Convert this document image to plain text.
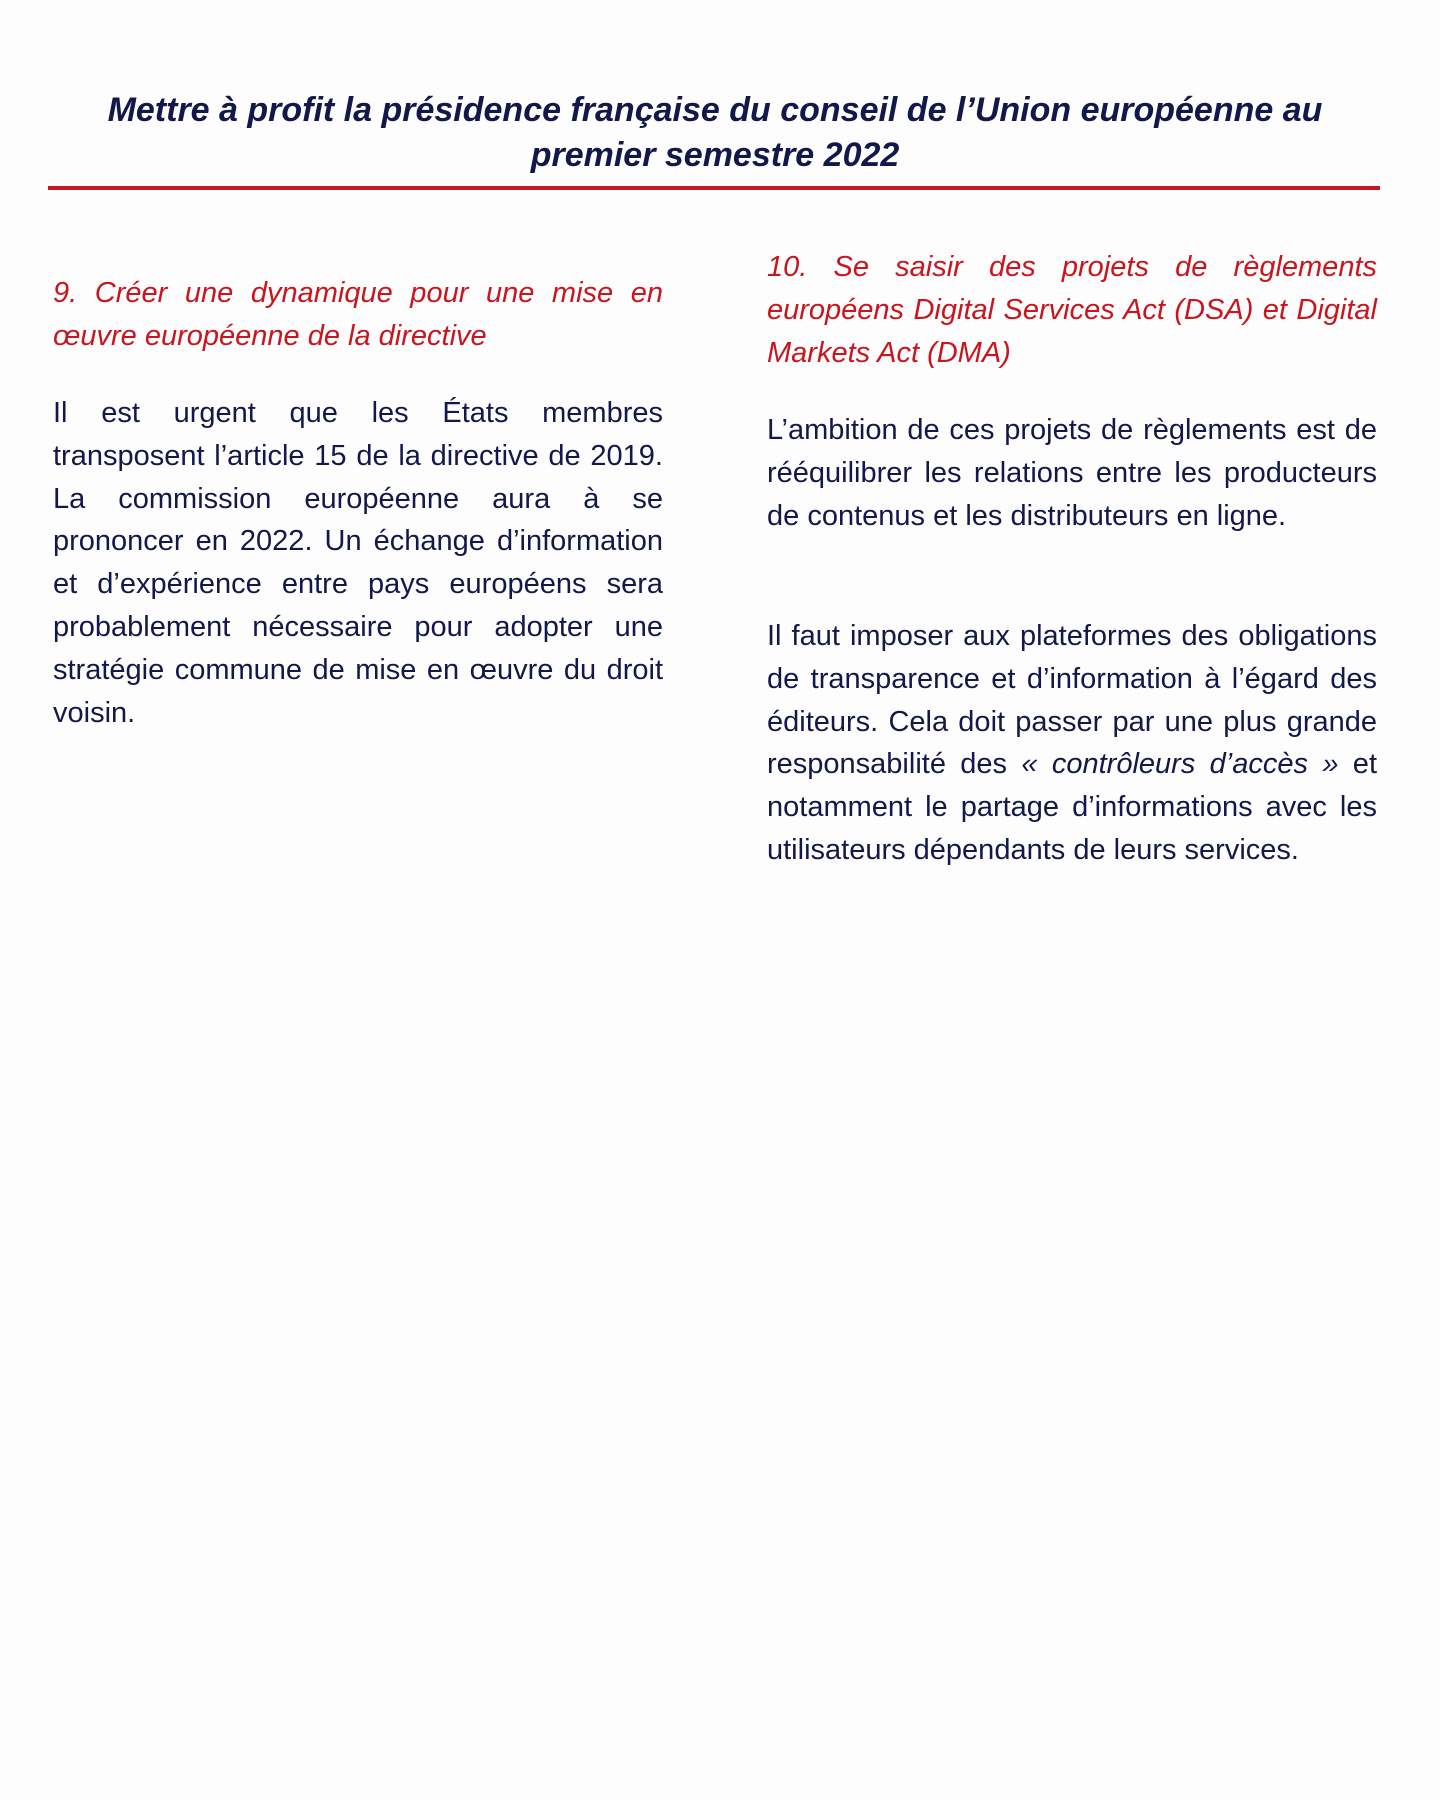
Mettre à profit la présidence française du conseil de l’Union européenne au
premier semestre 2022

9. Créer une dynamique pour une mise en œuvre européenne de la directive

Il est urgent que les États membres transposent l’article 15 de la directive de 2019. La commission européenne aura à se prononcer en 2022. Un échange d’information et d’expérience entre pays européens sera probablement nécessaire pour adopter une stratégie commune de mise en œuvre du droit voisin.

10. Se saisir des projets de règlements européens Digital Services Act (DSA) et Digital Markets Act (DMA)

L’ambition de ces projets de règlements est de rééquilibrer les relations entre les producteurs de contenus et les distributeurs en ligne.

Il faut imposer aux plateformes des obligations de transparence et d’information à l’égard des éditeurs. Cela doit passer par une plus grande responsabilité des « contrôleurs d’accès » et notamment le partage d’informations avec les utilisateurs dépendants de leurs services.
